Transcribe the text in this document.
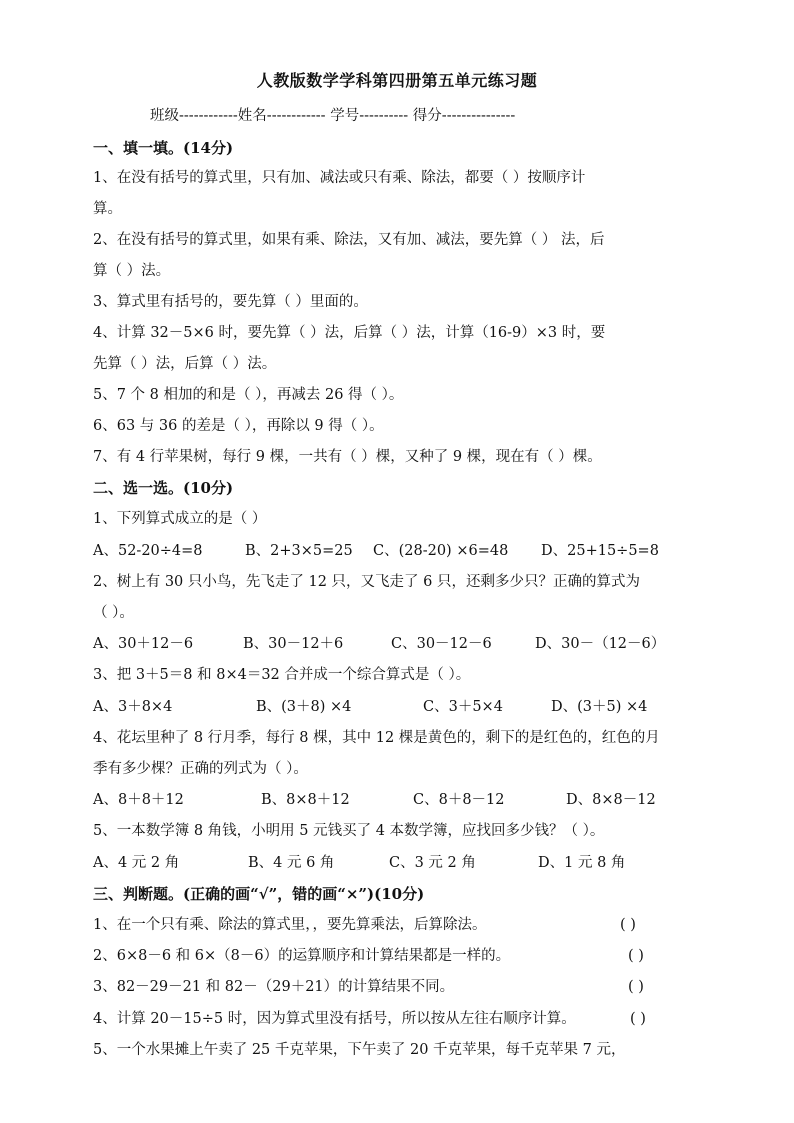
人教版数学学科第四册第五单元练习题
班级------------姓名------------ 学号---------- 得分---------------
一、填一填。(14分)
1、在没有括号的算式里，只有加、减法或只有乘、除法，都要（ ）按顺序计
算。
2、在没有括号的算式里，如果有乘、除法，又有加、减法，要先算（ ） 法，后
算（ ）法。
3、算式里有括号的，要先算（ ）里面的。
4、计算 32－5×6 时，要先算（ ）法，后算（ ）法，计算（16-9）×3 时，要
先算（ ）法，后算（ ）法。
5、7 个 8 相加的和是（ ），再减去 26 得（ ）。
6、63 与 36 的差是（ ），再除以 9 得（ ）。
7、有 4 行苹果树，每行 9 棵，一共有（ ）棵，又种了 9 棵，现在有（ ）棵。
二、选一选。(10分)
1、下列算式成立的是（ ）
A、52-20÷4=8	B、2+3×5=25 C、(28-20) ×6=48 D、25+15÷5=8
2、树上有 30 只小鸟，先飞走了 12 只，又飞走了 6 只，还剩多少只？正确的算式为
（ ）。
A、30＋12－6	B、30－12＋6	C、30－12－6	D、30－（12－6）
3、把 3＋5＝8 和 8×4＝32 合并成一个综合算式是（ ）。
A、3＋8×4	B、(3＋8) ×4	C、3＋5×4	D、(3＋5) ×4
4、花坛里种了 8 行月季，每行 8 棵，其中 12 棵是黄色的，剩下的是红色的，红色的月
季有多少棵？正确的列式为（ ）。
A、8＋8＋12	B、8×8＋12	C、8＋8－12	D、8×8－12
5、一本数学簿 8 角钱，小明用 5 元钱买了 4 本数学簿，应找回多少钱？（ ）。
A、4 元 2 角	B、4 元 6 角	C、3 元 2 角	D、1 元 8 角
三、判断题。(正确的画“√”，错的画“×”)(10分)
1、在一个只有乘、除法的算式里，，要先算乘法，后算除法。	( )
2、6×8－6 和 6×（8－6）的运算顺序和计算结果都是一样的。	( )
3、82－29－21 和 82－（29＋21）的计算结果不同。	( )
4、计算 20－15÷5 时，因为算式里没有括号，所以按从左往右顺序计算。	( )
5、一个水果摊上午卖了 25 千克苹果，下午卖了 20 千克苹果，每千克苹果 7 元，
